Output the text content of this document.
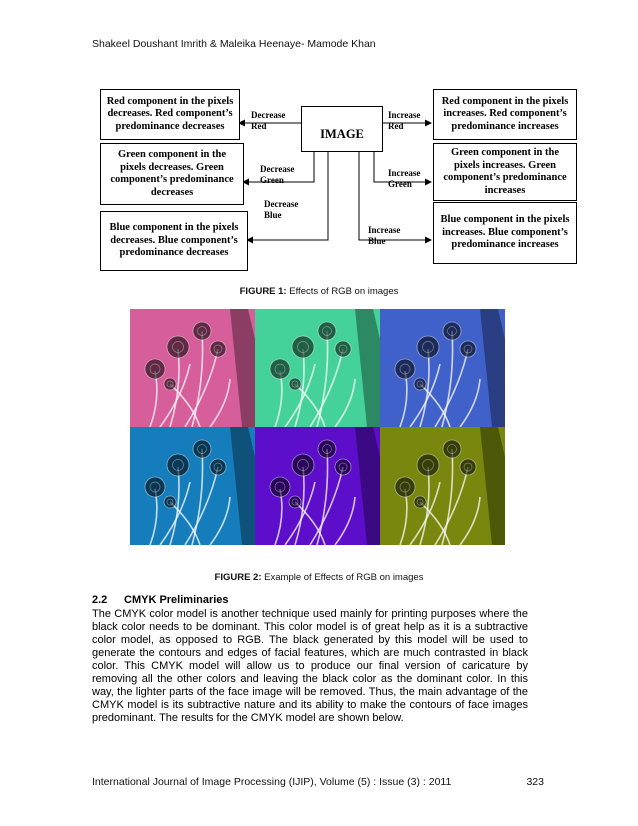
Shakeel Doushant Imrith & Maleika Heenaye- Mamode Khan
Red component in the pixels decreases. Red component’s predominance decreases
Green component in the pixels decreases. Green component’s predominance decreases
Blue component in the pixels decreases. Blue component’s predominance decreases
IMAGE
Red component in the pixels increases. Red component’s predominance increases
Green component in the pixels increases. Green component’s predominance increases
Blue component in the pixels increases. Blue component’s predominance increases
Decrease
Red
Decrease
Green
Decrease
Blue
Increase
Red
Increase
Green
Increase
Blue
FIGURE 1: Effects of RGB on images
FIGURE 2: Example of Effects of RGB on images
2.2 CMYK Preliminaries

The CMYK color model is another technique used mainly for printing purposes where the black color needs to be dominant. This color model is of great help as it is a subtractive color model, as opposed to RGB. The black generated by this model will be used to generate the contours and edges of facial features, which are much contrasted in black color. This CMYK model will allow us to produce our final version of caricature by removing all the other colors and leaving the black color as the dominant color. In this way, the lighter parts of the face image will be removed. Thus, the main advantage of the CMYK model is its subtractive nature and its ability to make the contours of face images predominant. The results for the CMYK model are shown below.

International Journal of Image Processing (IJIP), Volume (5) : Issue (3) : 2011	323
